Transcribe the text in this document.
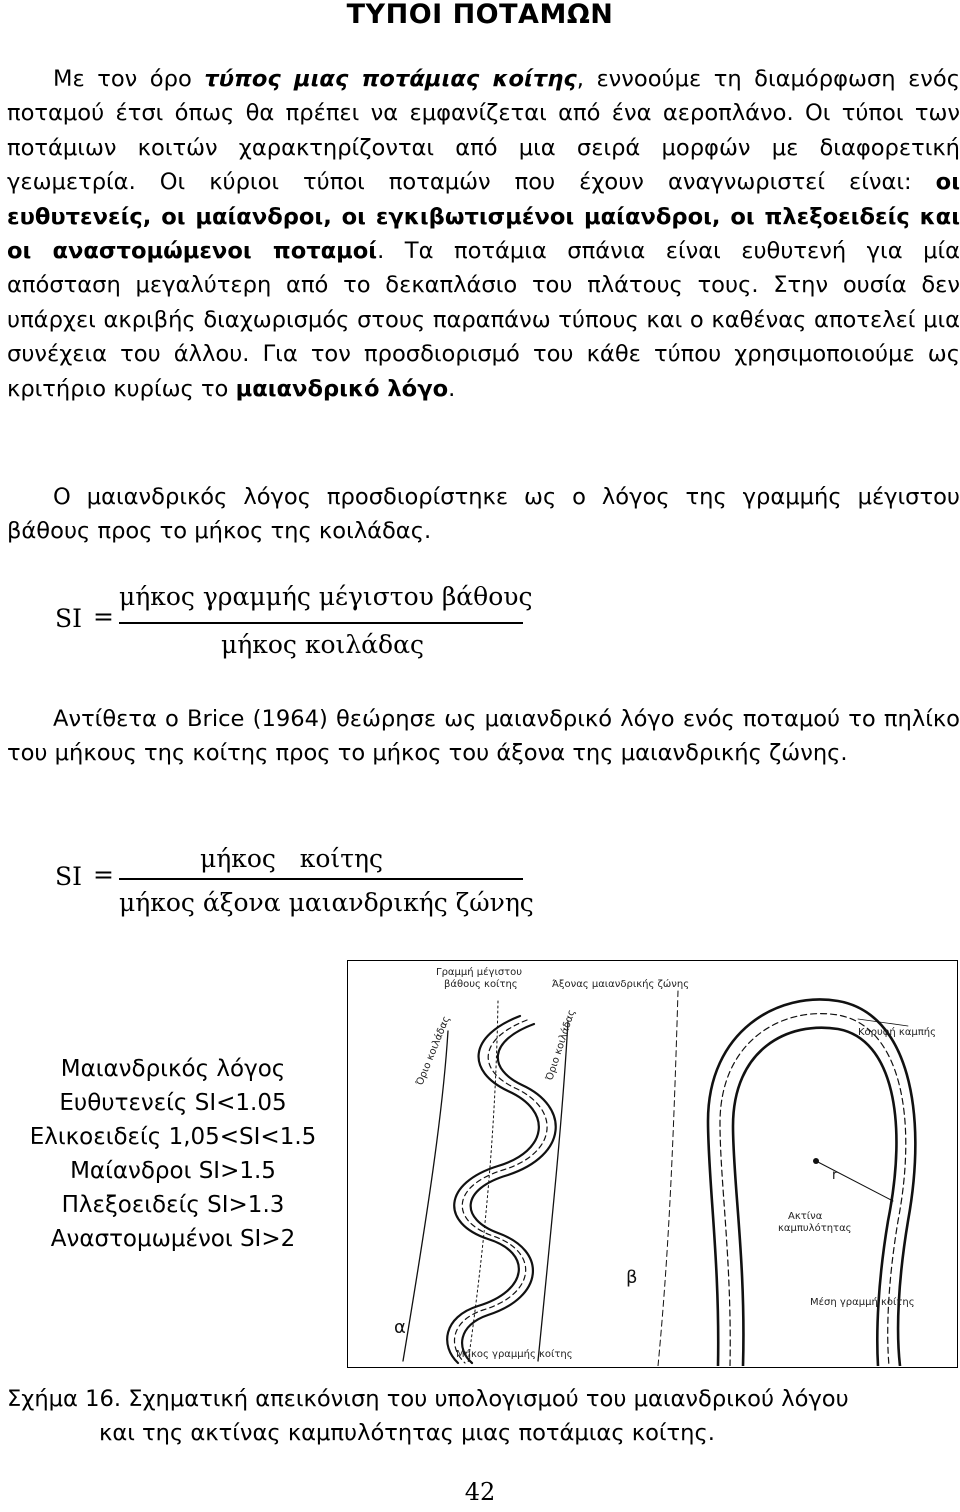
ΤΥΠΟΙ ΠΟΤΑΜΩΝ

Με τον όρο τύπος μιας ποτάμιας κοίτης, εννοούμε τη διαμόρφωση ενός ποταμού έτσι όπως θα πρέπει να εμφανίζεται από ένα αεροπλάνο. Οι τύποι των ποτάμιων κοιτών χαρακτηρίζονται από μια σειρά μορφών με διαφορετική γεωμετρία. Οι κύριοι τύποι ποταμών που έχουν αναγνωριστεί είναι: οι ευθυτενείς, οι μαίανδροι, οι εγκιβωτισμένοι μαίανδροι, οι πλεξοειδείς και οι αναστομώμενοι ποταμοί. Τα ποτάμια σπάνια είναι ευθυτενή για μία απόσταση μεγαλύτερη από το δεκαπλάσιο του πλάτους τους. Στην ουσία δεν υπάρχει ακριβής διαχωρισμός στους παραπάνω τύπους και ο καθένας αποτελεί μια συνέχεια του άλλου. Για τον προσδιορισμό του κάθε τύπου χρησιμοποιούμε ως κριτήριο κυρίως το μαιανδρικό λόγο.

Ο μαιανδρικός λόγος προσδιορίστηκε ως ο λόγος της γραμμής μέγιστου βάθους προς το μήκος της κοιλάδας.

SI =
μήκος γραμμής μέγιστου βάθους
μήκος κοιλάδας

Αντίθετα ο Brice (1964) θεώρησε ως μαιανδρικό λόγο ενός ποταμού το πηλίκο του μήκους της κοίτης προς το μήκος του άξονα της μαιανδρικής ζώνης.

SI =
μήκος   κοίτης
μήκος άξονα μαιανδρικής ζώνης
Μαιανδρικός λόγος
Ευθυτενείς SI<1.05
Ελικοειδείς 1,05<SI<1.5
Μαίανδροι SI>1.5
Πλεξοειδείς SI>1.3
Αναστομωμένοι SI>2
Γραμμή μέγιστου
βάθους κοίτης	Άξονας μαιανδρικής ζώνης
Όριο κοιλάδας	Όριο κοιλάδας	Κορυφή καμπής
r
Ακτίνα
καμπυλότητας
Μέση γραμμή κοίτης
Μήκος γραμμής κοίτης
α
β
Σχήμα 16. Σχηματική απεικόνιση του υπολογισμού του μαιανδρικού λόγου
και της ακτίνας καμπυλότητας μιας ποτάμιας κοίτης.
42
